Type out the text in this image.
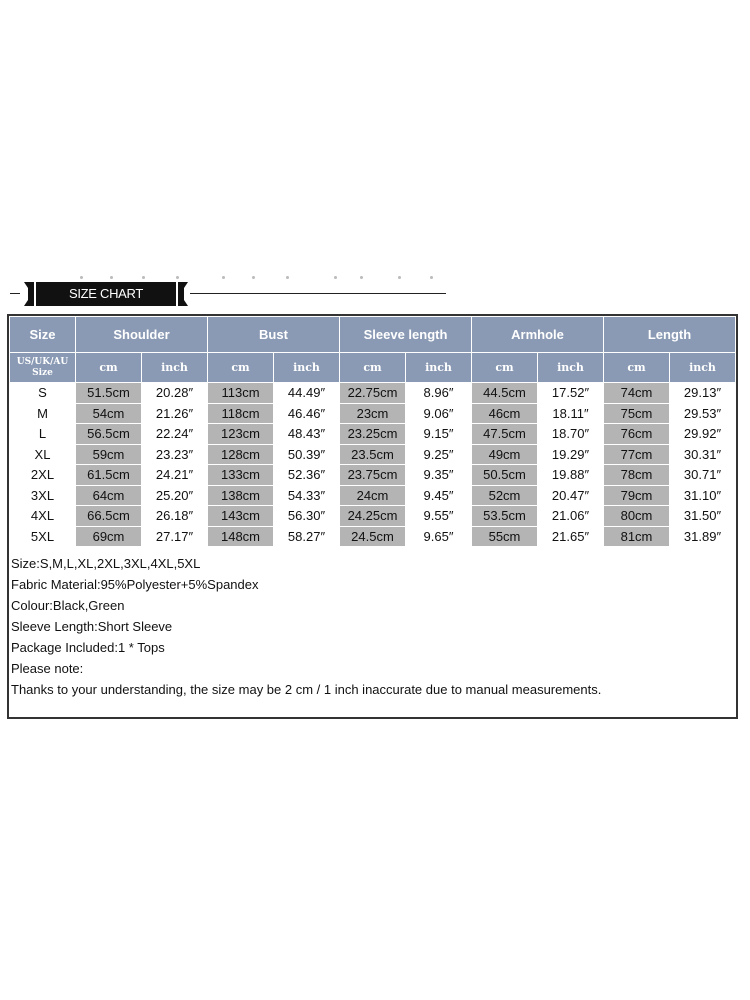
SIZE CHART
Size	Shoulder		Bust		Sleeve length		Armhole		Length	
US/UK/AU
Size	cm	inch	cm	inch	cm	inch	cm	inch	cm	inch
S	51.5cm	20.28″	113cm	44.49″	22.75cm	8.96″	44.5cm	17.52″	74cm	29.13″
M	54cm	21.26″	118cm	46.46″	23cm	9.06″	46cm	18.11″	75cm	29.53″
L	56.5cm	22.24″	123cm	48.43″	23.25cm	9.15″	47.5cm	18.70″	76cm	29.92″
XL	59cm	23.23″	128cm	50.39″	23.5cm	9.25″	49cm	19.29″	77cm	30.31″
2XL	61.5cm	24.21″	133cm	52.36″	23.75cm	9.35″	50.5cm	19.88″	78cm	30.71″
3XL	64cm	25.20″	138cm	54.33″	24cm	9.45″	52cm	20.47″	79cm	31.10″
4XL	66.5cm	26.18″	143cm	56.30″	24.25cm	9.55″	53.5cm	21.06″	80cm	31.50″
5XL	69cm	27.17″	148cm	58.27″	24.5cm	9.65″	55cm	21.65″	81cm	31.89″
Size:S,M,L,XL,2XL,3XL,4XL,5XL
Fabric Material:95%Polyester+5%Spandex
Colour:Black,Green
Sleeve Length:Short Sleeve
Package Included:1 * Tops
Please note:
Thanks to your understanding, the size may be 2 cm / 1 inch inaccurate due to manual measurements.
